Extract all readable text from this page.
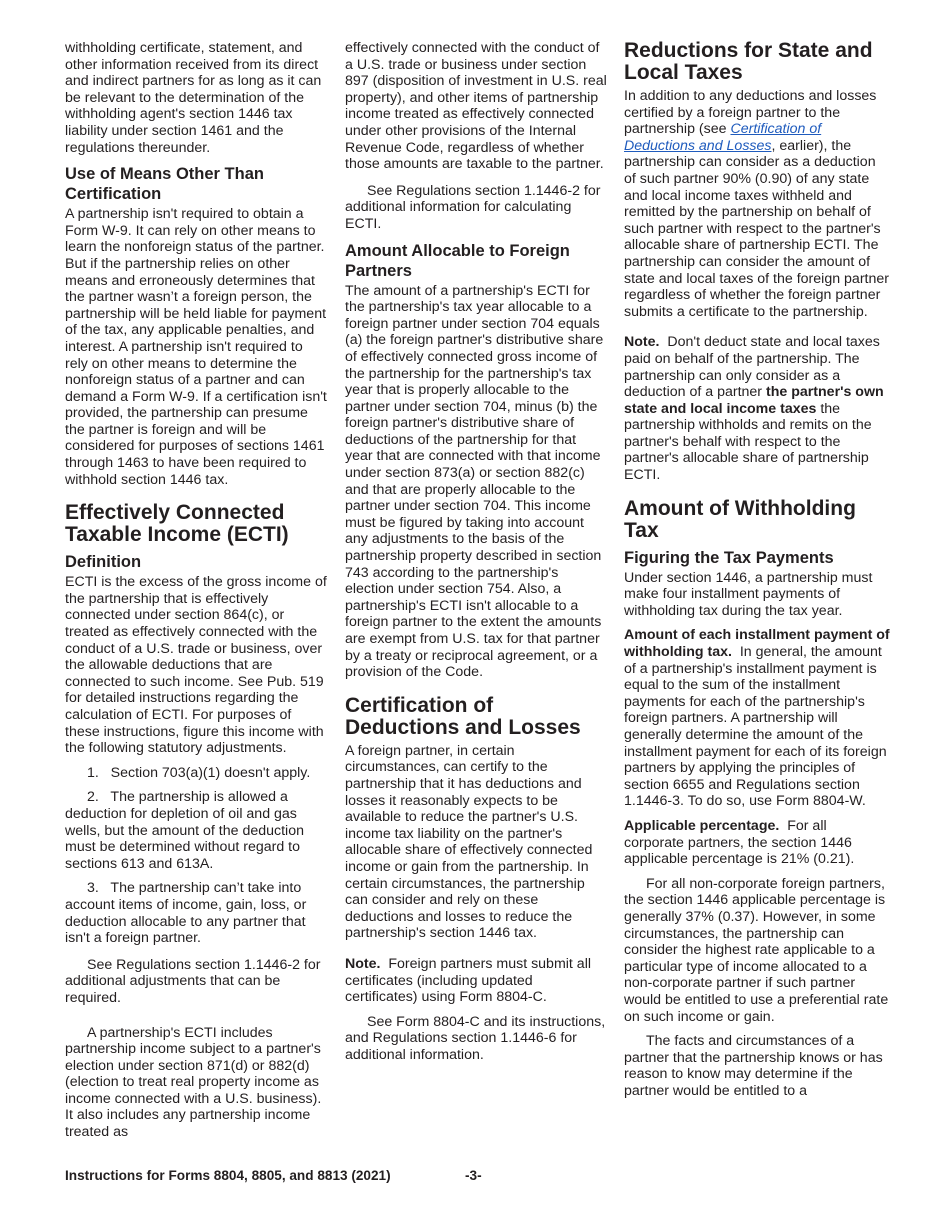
withholding certificate, statement, and other information received from its direct and indirect partners for as long as it can be relevant to the determination of the withholding agent's section 1446 tax liability under section 1461 and the regulations thereunder.

Use of Means Other Than Certification

A partnership isn't required to obtain a Form W-9. It can rely on other means to learn the nonforeign status of the partner. But if the partnership relies on other means and erroneously determines that the partner wasn’t a foreign person, the partnership will be held liable for payment of the tax, any applicable penalties, and interest. A partnership isn't required to rely on other means to determine the nonforeign status of a partner and can demand a Form W-9. If a certification isn't provided, the partnership can presume the partner is foreign and will be considered for purposes of sections 1461 through 1463 to have been required to withhold section 1446 tax.

Effectively Connected Taxable Income (ECTI)
Definition

ECTI is the excess of the gross income of the partnership that is effectively connected under section 864(c), or treated as effectively connected with the conduct of a U.S. trade or business, over the allowable deductions that are connected to such income. See Pub. 519 for detailed instructions regarding the calculation of ECTI. For purposes of these instructions, figure this income with the following statutory adjustments.

1.   Section 703(a)(1) doesn't apply.

2.   The partnership is allowed a deduction for depletion of oil and gas wells, but the amount of the deduction must be determined without regard to sections 613 and 613A.

3.   The partnership can’t take into account items of income, gain, loss, or deduction allocable to any partner that isn't a foreign partner.

See Regulations section 1.1446-2 for additional adjustments that can be required.

A partnership's ECTI includes partnership income subject to a partner's election under section 871(d) or 882(d) (election to treat real property income as income connected with a U.S. business). It also includes any partnership income treated as

effectively connected with the conduct of a U.S. trade or business under section 897 (disposition of investment in U.S. real property), and other items of partnership income treated as effectively connected under other provisions of the Internal Revenue Code, regardless of whether those amounts are taxable to the partner.

See Regulations section 1.1446-2 for additional information for calculating ECTI.

Amount Allocable to Foreign Partners

The amount of a partnership's ECTI for the partnership's tax year allocable to a foreign partner under section 704 equals (a) the foreign partner's distributive share of effectively connected gross income of the partnership for the partnership's tax year that is properly allocable to the partner under section 704, minus (b) the foreign partner's distributive share of deductions of the partnership for that year that are connected with that income under section 873(a) or section 882(c) and that are properly allocable to the partner under section 704. This income must be figured by taking into account any adjustments to the basis of the partnership property described in section 743 according to the partnership's election under section 754. Also, a partnership's ECTI isn't allocable to a foreign partner to the extent the amounts are exempt from U.S. tax for that partner by a treaty or reciprocal agreement, or a provision of the Code.

Certification of Deductions and Losses

A foreign partner, in certain circumstances, can certify to the partnership that it has deductions and losses it reasonably expects to be available to reduce the partner's U.S. income tax liability on the partner's allocable share of effectively connected income or gain from the partnership. In certain circumstances, the partnership can consider and rely on these deductions and losses to reduce the partnership's section 1446 tax.

Note.  Foreign partners must submit all certificates (including updated certificates) using Form 8804-C.

See Form 8804-C and its instructions, and Regulations section 1.1446-6 for additional information.

Reductions for State and Local Taxes

In addition to any deductions and losses certified by a foreign partner to the partnership (see Certification of Deductions and Losses, earlier), the partnership can consider as a deduction of such partner 90% (0.90) of any state and local income taxes withheld and remitted by the partnership on behalf of such partner with respect to the partner's allocable share of partnership ECTI. The partnership can consider the amount of state and local taxes of the foreign partner regardless of whether the foreign partner submits a certificate to the partnership.

Note.  Don't deduct state and local taxes paid on behalf of the partnership. The partnership can only consider as a deduction of a partner the partner's own state and local income taxes the partnership withholds and remits on the partner's behalf with respect to the partner's allocable share of partnership ECTI.

Amount of Withholding Tax
Figuring the Tax Payments

Under section 1446, a partnership must make four installment payments of withholding tax during the tax year.

Amount of each installment payment of withholding tax.  In general, the amount of a partnership's installment payment is equal to the sum of the installment payments for each of the partnership's foreign partners. A partnership will generally determine the amount of the installment payment for each of its foreign partners by applying the principles of section 6655 and Regulations section 1.1446-3. To do so, use Form 8804-W.

Applicable percentage.  For all corporate partners, the section 1446 applicable percentage is 21% (0.21).

For all non-corporate foreign partners, the section 1446 applicable percentage is generally 37% (0.37). However, in some circumstances, the partnership can consider the highest rate applicable to a particular type of income allocated to a non-corporate partner if such partner would be entitled to use a preferential rate on such income or gain.

The facts and circumstances of a partner that the partnership knows or has reason to know may determine if the partner would be entitled to a

Instructions for Forms 8804, 8805, and 8813 (2021)	-3-
